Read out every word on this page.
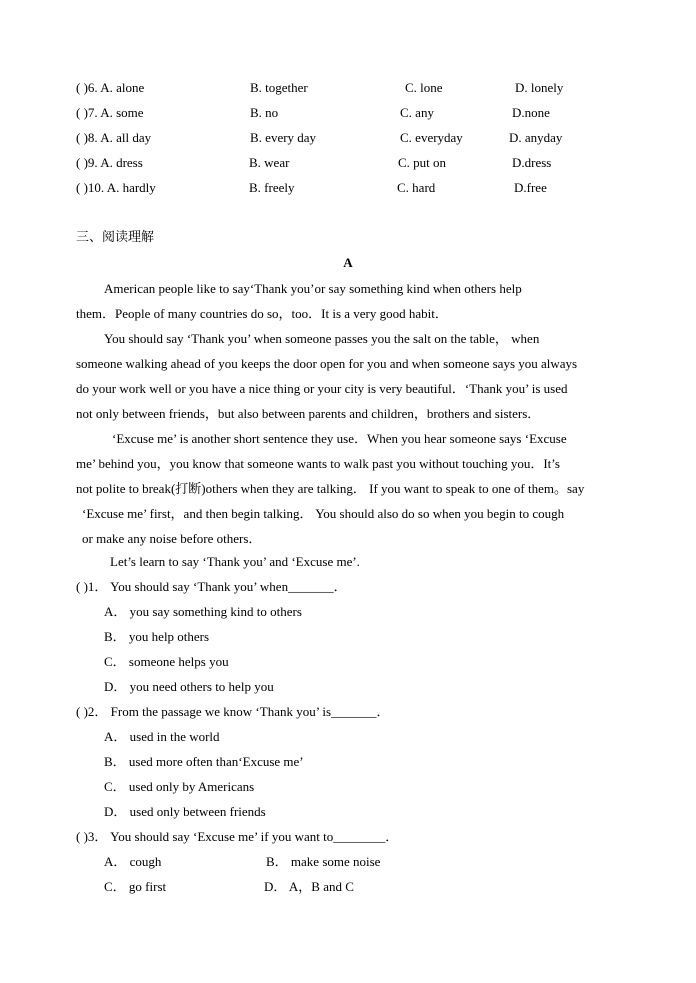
( )6. A. alone	B. together	C. lone	D. lonely
( )7. A. some	B. no	C. any	D.none
( )8. A. all day	B. every day	C. everyday	D. anyday
( )9. A. dress	B. wear	C. put on	D.dress
( )10. A. hardly	B. freely	C. hard	D.free
三、阅读理解
A
American people like to say‘Thank you’or say something kind when others help
them．People of many countries do so，too．It is a very good habit．
You should say ‘Thank you’ when someone passes you the salt on the table， when
someone walking ahead of you keeps the door open for you and when someone says you always
do your work well or you have a nice thing or your city is very beautiful．‘Thank you’ is used
not only between friends，but also between parents and children，brothers and sisters．
‘Excuse me’ is another short sentence they use．When you hear someone says ‘Excuse
me’ behind you，you know that someone wants to walk past you without touching you．It’s
not polite to break(打断)others when they are talking． If you want to speak to one of them。say
‘Excuse me’ first，and then begin talking． You should also do so when you begin to cough
or make any noise before others．
Let’s learn to say ‘Thank you’ and ‘Excuse me’.
( )1． You should say ‘Thank you’ when_______．
A． you say something kind to others
B． you help others
C． someone helps you
D． you need others to help you
( )2． From the passage we know ‘Thank you’ is_______．
A． used in the world
B． used more often than‘Excuse me’
C． used only by Americans
D． used only between friends
( )3． You should say ‘Excuse me’ if you want to________．
A． cough	B． make some noise
C． go first	D． A，B and C
